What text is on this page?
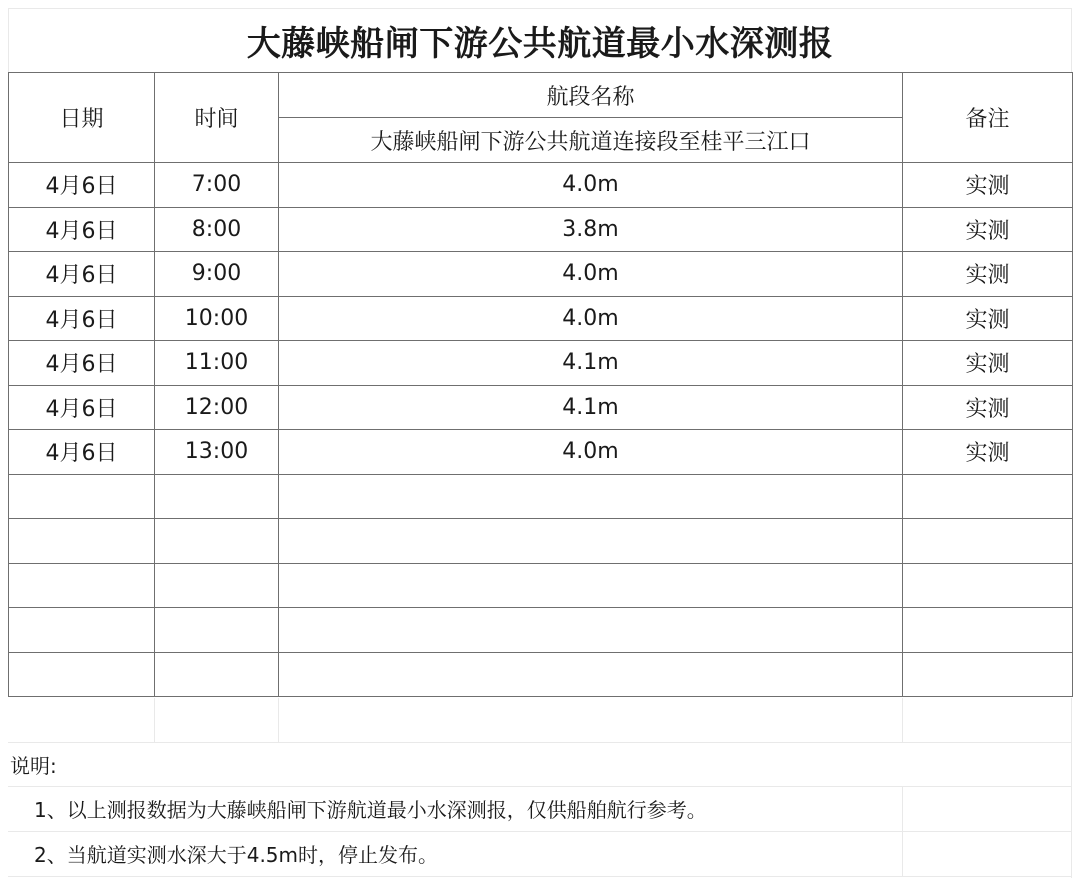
大藤峡船闸下游公共航道最小水深测报
日期	时间	航段名称	备注
		大藤峡船闸下游公共航道连接段至桂平三江口	
4月6日	7:00	4.0m	实测
4月6日	8:00	3.8m	实测
4月6日	9:00	4.0m	实测
4月6日	10:00	4.0m	实测
4月6日	11:00	4.1m	实测
4月6日	12:00	4.1m	实测
4月6日	13:00	4.0m	实测

说明:
1、以上测报数据为大藤峡船闸下游航道最小水深测报，仅供船舶航行参考。
2、当航道实测水深大于4.5m时，停止发布。
